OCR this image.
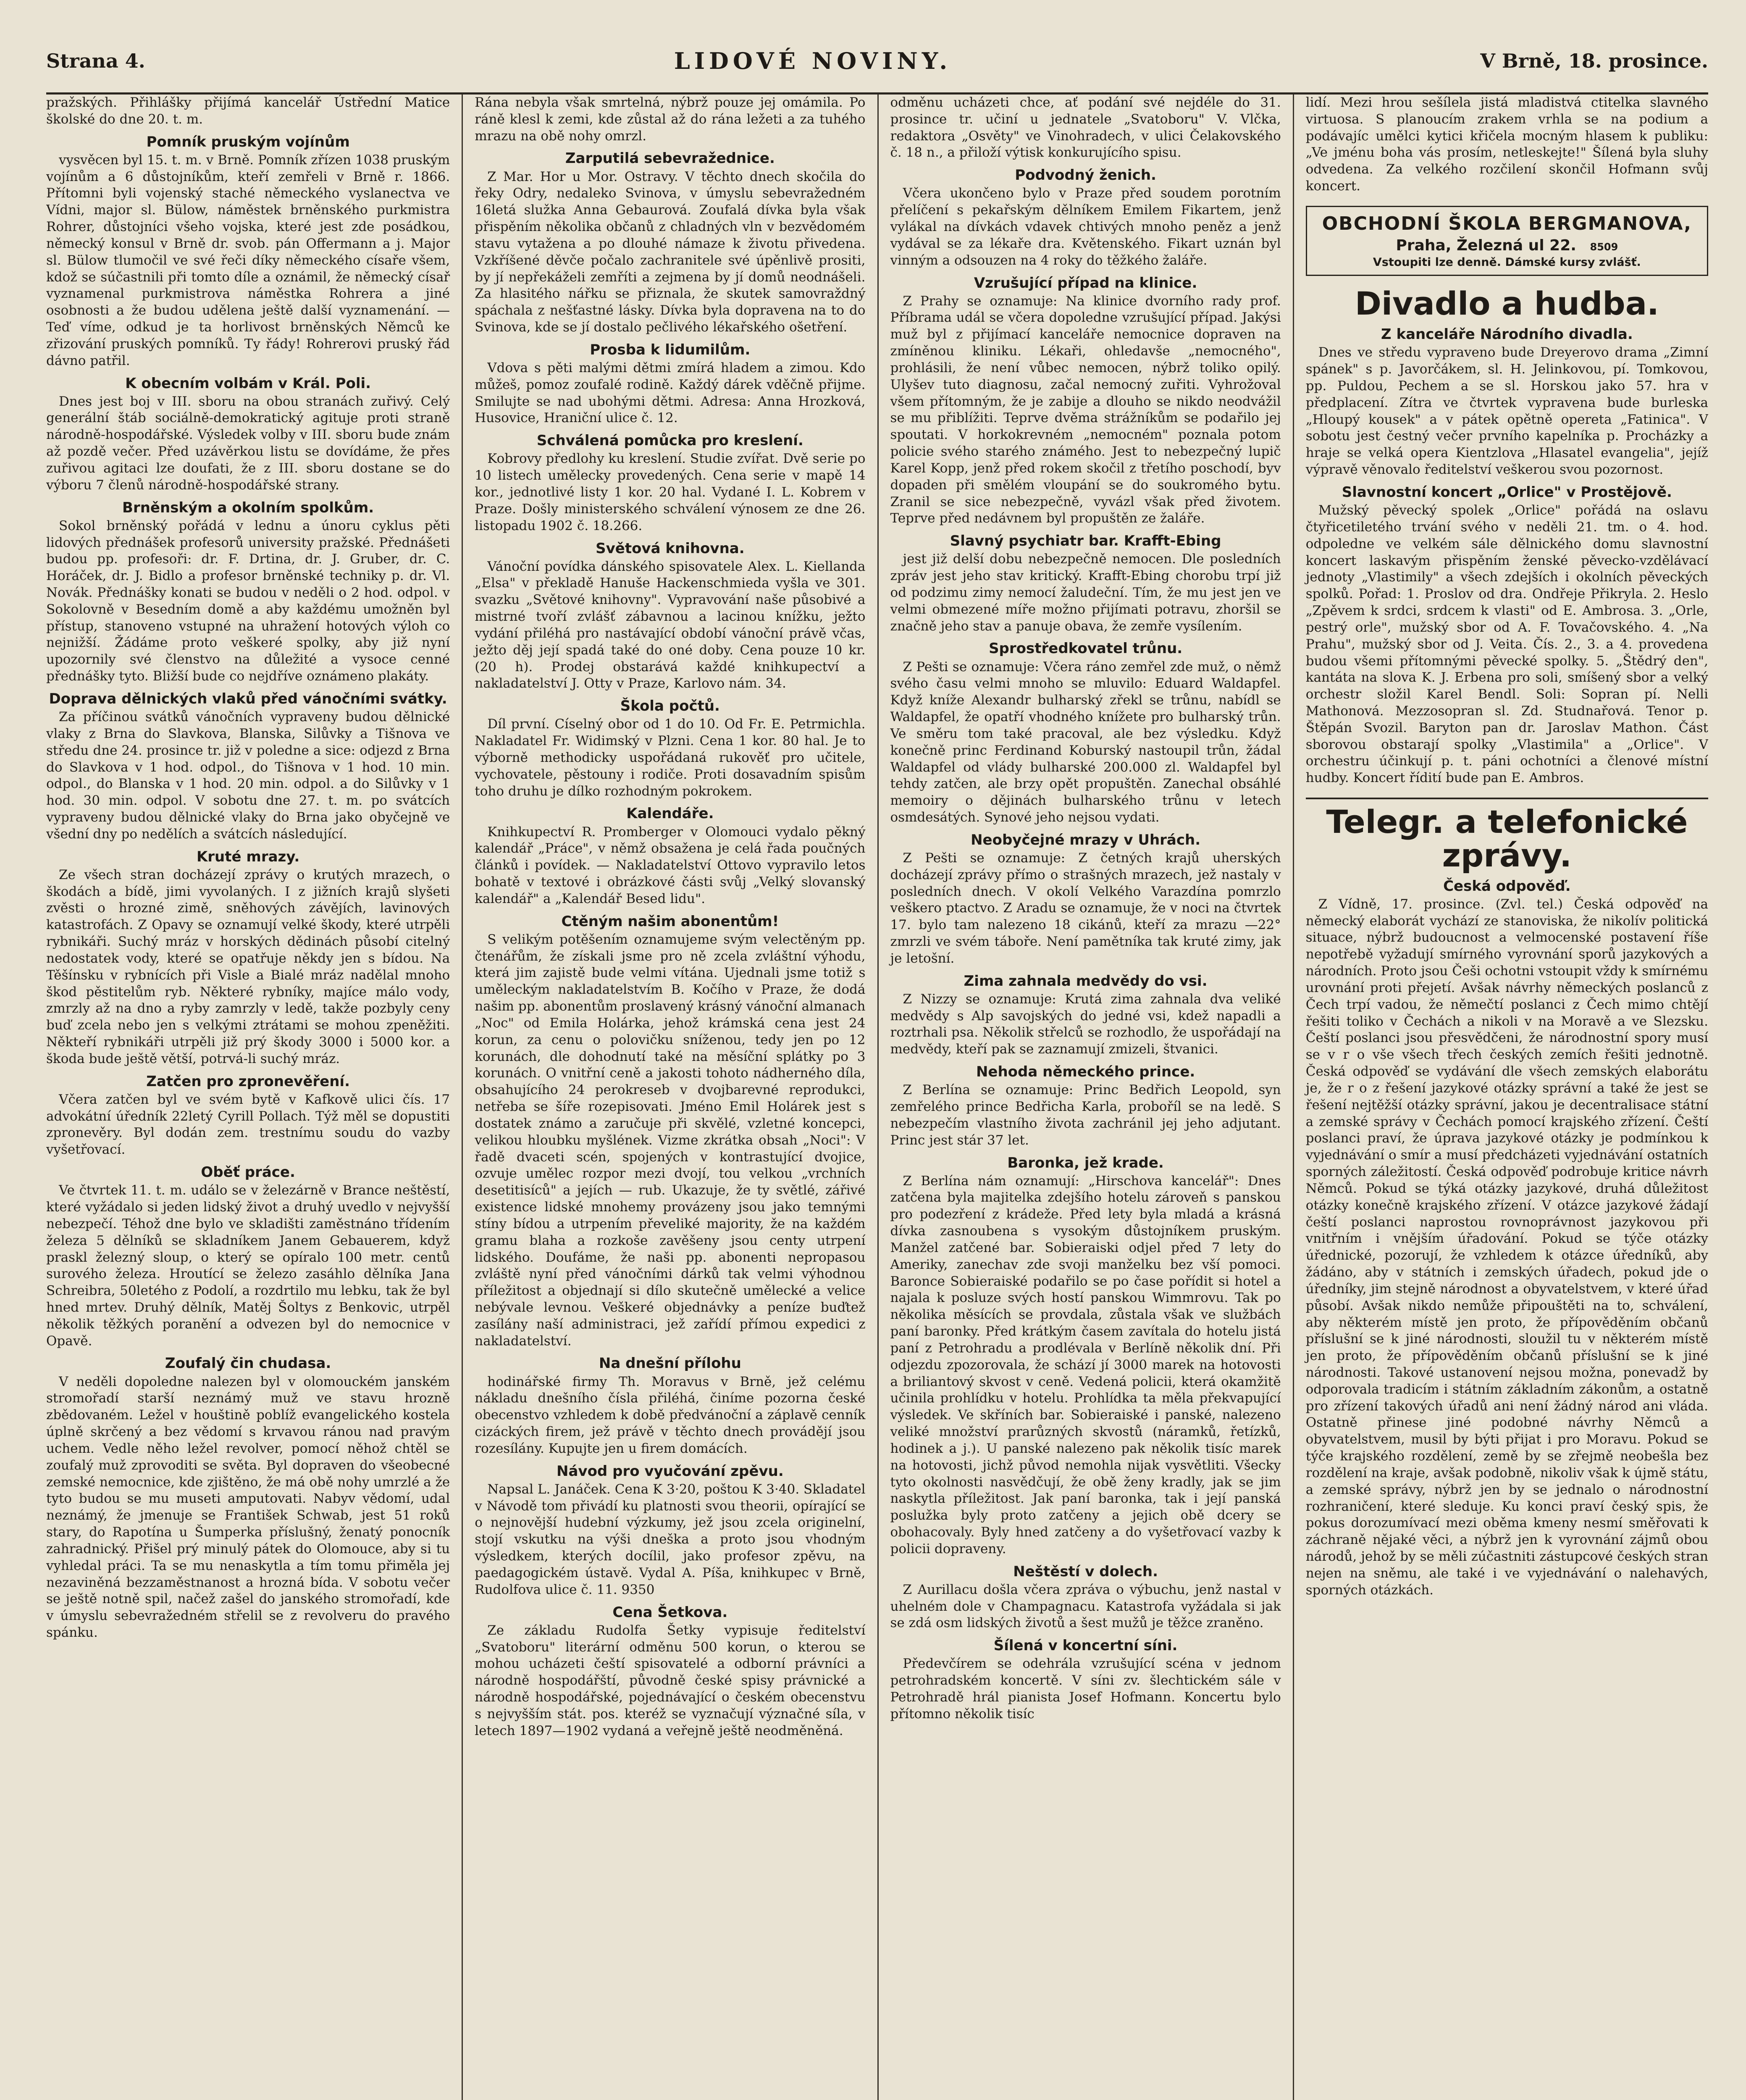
Strana 4.	LIDOVÉ NOVINY.	V Brně, 18. prosince.

pražských. Přihlášky přijímá kancelář Ústřední Matice školské do dne 20. t. m.

Pomník pruským vojínům

vysvěcen byl 15. t. m. v Brně. Pomník zřízen 1038 pruským vojínům a 6 důstojníkům, kteří zemřeli v Brně r. 1866. Přítomni byli vojenský staché německého vyslanectva ve Vídni, major sl. Bülow, náměstek brněnského purkmistra Rohrer, důstojníci všeho vojska, které jest zde posádkou, německý konsul v Brně dr. svob. pán Offermann a j. Major sl. Bülow tlumočil ve své řeči díky německého císaře všem, kdož se súčastnili při tomto díle a oznámil, že německý císař vyznamenal purkmistrova náměstka Rohrera a jiné osobnosti a že budou udělena ještě další vyznamenání. — Teď víme, odkud je ta horlivost brněnských Němců ke zřizování pruských pomníků. Ty řády! Rohrerovi pruský řád dávno patřil.

K obecním volbám v Král. Poli.

Dnes jest boj v III. sboru na obou stranách zuřivý. Celý generální štáb sociálně-demokratický agituje proti straně národně-hospodářské. Výsledek volby v III. sboru bude znám až pozdě večer. Před uzávěrkou listu se dovídáme, že přes zuřivou agitaci lze doufati, že z III. sboru dostane se do výboru 7 členů národně-hospodářské strany.

Brněnským a okolním spolkům.

Sokol brněnský pořádá v lednu a únoru cyklus pěti lidových přednášek profesorů university pražské. Přednášeti budou pp. profesoři: dr. F. Drtina, dr. J. Gruber, dr. C. Horáček, dr. J. Bidlo a profesor brněnské techniky p. dr. Vl. Novák. Přednášky konati se budou v neděli o 2 hod. odpol. v Sokolovně v Besedním domě a aby každému umožněn byl přístup, stanoveno vstupné na uhražení hotových výloh co nejnižší. Žádáme proto veškeré spolky, aby již nyní upozornily své členstvo na důležité a vysoce cenné přednášky tyto. Bližší bude co nejdříve oznámeno plakáty.

Doprava dělnických vlaků před vánočními svátky.

Za příčinou svátků vánočních vypraveny budou dělnické vlaky z Brna do Slavkova, Blanska, Silůvky a Tišnova ve středu dne 24. prosince tr. již v poledne a sice: odjezd z Brna do Slavkova v 1 hod. odpol., do Tišnova v 1 hod. 10 min. odpol., do Blanska v 1 hod. 20 min. odpol. a do Silůvky v 1 hod. 30 min. odpol. V sobotu dne 27. t. m. po svátcích vypraveny budou dělnické vlaky do Brna jako obyčejně ve všední dny po nedělích a svátcích následující.

Kruté mrazy.

Ze všech stran docházejí zprávy o krutých mrazech, o škodách a bídě, jimi vyvolaných. I z jižních krajů slyšeti zvěsti o hrozné zimě, sněhových závějích, lavinových katastrofách. Z Opavy se oznamují velké škody, které utrpěli rybnikáři. Suchý mráz v horských dědinách působí citelný nedostatek vody, které se opatřuje někdy jen s bídou. Na Těšínsku v rybnících při Visle a Bialé mráz nadělal mnoho škod pěstitelům ryb. Některé rybníky, majíce málo vody, zmrzly až na dno a ryby zamrzly v ledě, takže pozbyly ceny buď zcela nebo jen s velkými ztrátami se mohou zpeněžiti. Někteří rybnikáři utrpěli již prý škody 3000 i 5000 kor. a škoda bude ještě větší, potrvá-li suchý mráz.

Zatčen pro zpronevěření.

Včera zatčen byl ve svém bytě v Kafkově ulici čís. 17 advokátní úředník 22letý Cyrill Pollach. Týž měl se dopustiti zpronevěry. Byl dodán zem. trestnímu soudu do vazby vyšetřovací.

Oběť práce.

Ve čtvrtek 11. t. m. událo se v železárně v Brance neštěstí, které vyžádalo si jeden lidský život a druhý uvedlo v nejvyšší nebezpečí. Téhož dne bylo ve skladišti zaměstnáno třídením železa 5 dělníků se skladníkem Janem Gebauerem, když praskl železný sloup, o který se opíralo 100 metr. centů surového železa. Hroutící se železo zasáhlo dělníka Jana Schreibra, 50letého z Podolí, a rozdrtilo mu lebku, tak že byl hned mrtev. Druhý dělník, Matěj Šoltys z Benkovic, utrpěl několik těžkých poranění a odvezen byl do nemocnice v Opavě.

Zoufalý čin chudasa.

V neděli dopoledne nalezen byl v olomouckém janském stromořadí starší neznámý muž ve stavu hrozně zbědovaném. Ležel v houštině poblíž evangelického kostela úplně skrčený a bez vědomí s krvavou ránou nad pravým uchem. Vedle něho ležel revolver, pomocí něhož chtěl se zoufalý muž zprovoditi se světa. Byl dopraven do všeobecné zemské nemocnice, kde zjištěno, že má obě nohy umrzlé a že tyto budou se mu museti amputovati. Nabyv vědomí, udal neznámý, že jmenuje se František Schwab, jest 51 roků stary, do Rapotína u Šumperka příslušný, ženatý ponocník zahradnický. Přišel prý minulý pátek do Olomouce, aby si tu vyhledal práci. Ta se mu nenaskytla a tím tomu přiměla jej nezaviněná bezzaměstnanost a hrozná bída. V sobotu večer se ještě notně spil, načež zašel do janského stromořadí, kde v úmyslu sebevražedném střelil se z revolveru do pravého spánku.

Rána nebyla však smrtelná, nýbrž pouze jej omámila. Po ráně klesl k zemi, kde zůstal až do rána ležeti a za tuhého mrazu na obě nohy omrzl.

Zarputilá sebevražednice.

Z Mar. Hor u Mor. Ostravy. V těchto dnech skočila do řeky Odry, nedaleko Svinova, v úmyslu sebevražedném 16letá služka Anna Gebaurová. Zoufalá dívka byla však přispěním několika občanů z chladných vln v bezvědomém stavu vytažena a po dlouhé námaze k životu přivedena. Vzkříšené děvče počalo zachranitele své úpěnlivě prositi, by jí nepřekáželi zemříti a zejmena by jí domů neodnášeli. Za hlasitého nářku se přiznala, že skutek samovraždný spáchala z nešťastné lásky. Dívka byla dopravena na to do Svinova, kde se jí dostalo pečlivého lékařského ošetření.

Prosba k lidumilům.

Vdova s pěti malými dětmi zmírá hladem a zimou. Kdo můžeš, pomoz zoufalé rodině. Každý dárek vděčně přijme. Smilujte se nad ubohými dětmi. Adresa: Anna Hrozková, Husovice, Hraniční ulice č. 12.

Schválená pomůcka pro kreslení.

Kobrovy předlohy ku kreslení. Studie zvířat. Dvě serie po 10 listech umělecky provedených. Cena serie v mapě 14 kor., jednotlivé listy 1 kor. 20 hal. Vydané I. L. Kobrem v Praze. Došly ministerského schválení výnosem ze dne 26. listopadu 1902 č. 18.266.

Světová knihovna.

Vánoční povídka dánského spisovatele Alex. L. Kiellanda „Elsa" v překladě Hanuše Hackenschmieda vyšla ve 301. svazku „Světové knihovny". Vypravování naše působivé a mistrné tvoří zvlášť zábavnou a lacinou knížku, ježto vydání přiléhá pro nastávající období vánoční právě včas, ježto děj její spadá také do oné doby. Cena pouze 10 kr. (20 h). Prodej obstarává každé knihkupectví a nakladatelství J. Otty v Praze, Karlovo nám. 34.

Škola počtů.

Díl první. Císelný obor od 1 do 10. Od Fr. E. Petrmichla. Nakladatel Fr. Widimský v Plzni. Cena 1 kor. 80 hal. Je to výborně methodicky uspořádaná rukověť pro učitele, vychovatele, pěstouny i rodiče. Proti dosavadním spisům toho druhu je dílko rozhodným pokrokem.

Kalendáře.

Knihkupectví R. Promberger v Olomouci vydalo pěkný kalendář „Práce", v němž obsažena je celá řada poučných článků i povídek. — Nakladatelství Ottovo vypravilo letos bohatě v textové i obrázkové části svůj „Velký slovanský kalendář" a „Kalendář Besed lidu".

Ctěným našim abonentům!

S velikým potěšením oznamujeme svým velectěným pp. čtenářům, že získali jsme pro ně zcela zvláštní výhodu, která jim zajistě bude velmi vítána. Ujednali jsme totiž s uměleckým nakladatelstvím B. Kočího v Praze, že dodá našim pp. abonentům proslavený krásný vánoční almanach „Noc" od Emila Holárka, jehož krámská cena jest 24 korun, za cenu o polovičku sníženou, tedy jen po 12 korunách, dle dohodnutí také na měsíční splátky po 3 korunách. O vnitřní ceně a jakosti tohoto nádherného díla, obsahujícího 24 perokreseb v dvojbarevné reprodukci, netřeba se šíře rozepisovati. Jméno Emil Holárek jest s dostatek známo a zaručuje při skvělé, vzletné koncepci, velikou hloubku myšlének. Vizme zkrátka obsah „Noci": V řadě dvaceti scén, spojených v kontrastující dvojice, ozvuje umělec rozpor mezi dvojí, tou velkou „vrchních desetitisíců" a jejích — rub. Ukazuje, že ty světlé, zářivé existence lidské mnohemy provázeny jsou jako temnými stíny bídou a utrpením převeliké majority, že na každém gramu blaha a rozkoše zavěšeny jsou centy utrpení lidského. Doufáme, že naši pp. abonenti nepropasou zvláště nyní před vánočními dárků tak velmi výhodnou příležitost a objednají si dílo skutečně umělecké a velice nebývale levnou. Veškeré objednávky a peníze buďtež zasílány naší administraci, jež zařídí přímou expedici z nakladatelství.

Na dnešní přílohu

hodinářské firmy Th. Moravus v Brně, jež celému nákladu dnešního čísla přiléhá, činíme pozorna české obecenstvo vzhledem k době předvánoční a záplavě cenník cizáckých firem, jež právě v těchto dnech provádějí jsou rozesílány. Kupujte jen u firem domácích.

Návod pro vyučování zpěvu.

Napsal L. Janáček. Cena K 3·20, poštou K 3·40. Skladatel v Návodě tom přivádí ku platnosti svou theorii, opírající se o nejnovější hudební výzkumy, jež jsou zcela originelní, stojí vskutku na výši dneška a proto jsou vhodným výsledkem, kterých docílil, jako profesor zpěvu, na paedagogickém ústavě. Vydal A. Píša, knihkupec v Brně, Rudolfova ulice č. 11. 9350

Cena Šetkova.

Ze základu Rudolfa Šetky vypisuje ředitelství „Svatoboru" literární odměnu 500 korun, o kterou se mohou ucházeti čeští spisovatelé a odborní právníci a národně hospodářští, původně české spisy právnické a národně hospodářské, pojednávající o českém obecenstvu s nejvyšším stát. pos. kteréž se vyznačují význačné síla, v letech 1897—1902 vydaná a veřejně ještě neodměněná.

odměnu ucházeti chce, ať podání své nejdéle do 31. prosince tr. učiní u jednatele „Svatoboru" V. Vlčka, redaktora „Osvěty" ve Vinohradech, v ulici Čelakovského č. 18 n., a přiloží výtisk konkurujícího spisu.

Podvodný ženich.

Včera ukončeno bylo v Praze před soudem porotním přelíčení s pekařským dělníkem Emilem Fikartem, jenž vylákal na dívkách vdavek chtivých mnoho peněz a jenž vydával se za lékaře dra. Květenského. Fikart uznán byl vinným a odsouzen na 4 roky do těžkého žaláře.

Vzrušující případ na klinice.

Z Prahy se oznamuje: Na klinice dvorního rady prof. Příbrama udál se včera dopoledne vzrušující případ. Jakýsi muž byl z přijímací kanceláře nemocnice dopraven na zmíněnou kliniku. Lékaři, ohledavše „nemocného", prohlásili, že není vůbec nemocen, nýbrž toliko opilý. Ulyšev tuto diagnosu, začal nemocný zuřiti. Vyhrožoval všem přítomným, že je zabije a dlouho se nikdo neodvážil se mu přiblížiti. Teprve dvěma strážníkům se podařilo jej spoutati. V horkokrevném „nemocném" poznala potom policie svého starého známého. Jest to nebezpečný lupič Karel Kopp, jenž před rokem skočil z třetího poschodí, byv dopaden při smělém vloupání se do soukromého bytu. Zranil se sice nebezpečně, vyvázl však před životem. Teprve před nedávnem byl propuštěn ze žaláře.

Slavný psychiatr bar. Krafft-Ebing

jest již delší dobu nebezpečně nemocen. Dle posledních zpráv jest jeho stav kritický. Krafft-Ebing chorobu trpí již od podzimu zimy nemocí žaludeční. Tím, že mu jest jen ve velmi obmezené míře možno přijímati potravu, zhoršil se značně jeho stav a panuje obava, že zemře vysílením.

Sprostředkovatel trůnu.

Z Pešti se oznamuje: Včera ráno zemřel zde muž, o němž svého času velmi mnoho se mluvilo: Eduard Waldapfel. Když kníže Alexandr bulharský zřekl se trůnu, nabídl se Waldapfel, že opatří vhodného knížete pro bulharský trůn. Ve směru tom také pracoval, ale bez výsledku. Když konečně princ Ferdinand Koburský nastoupil trůn, žádal Waldapfel od vlády bulharské 200.000 zl. Waldapfel byl tehdy zatčen, ale brzy opět propuštěn. Zanechal obsáhlé memoiry o dějinách bulharského trůnu v letech osmdesátých. Synové jeho nejsou vydati.

Neobyčejné mrazy v Uhrách.

Z Pešti se oznamuje: Z četných krajů uherských docházejí zprávy přímo o strašných mrazech, jež nastaly v posledních dnech. V okolí Velkého Varazdína pomrzlo veškero ptactvo. Z Aradu se oznamuje, že v noci na čtvrtek 17. bylo tam nalezeno 18 cikánů, kteří za mrazu —22° zmrzli ve svém táboře. Není pamětníka tak kruté zimy, jak je letošní.

Zima zahnala medvědy do vsi.

Z Nizzy se oznamuje: Krutá zima zahnala dva veliké medvědy s Alp savojských do jedné vsi, kdež napadli a roztrhali psa. Několik střelců se rozhodlo, že uspořádají na medvědy, kteří pak se zaznamují zmizeli, štvanici.

Nehoda německého prince.

Z Berlína se oznamuje: Princ Bedřich Leopold, syn zemřelého prince Bedřicha Karla, proboříl se na ledě. S nebezpečím vlastního života zachránil jej jeho adjutant. Princ jest stár 37 let.

Baronka, jež krade.

Z Berlína nám oznamují: „Hirschova kancelář": Dnes zatčena byla majitelka zdejšího hotelu zároveň s panskou pro podezření z krádeže. Před lety byla mladá a krásná dívka zasnoubena s vysokým důstojníkem pruským. Manžel zatčené bar. Sobieraiski odjel před 7 lety do Ameriky, zanechav zde svoji manželku bez vší pomoci. Baronce Sobieraiské podařilo se po čase pořídit si hotel a najala k posluze svých hostí panskou Wimmrovu. Tak po několika měsících se provdala, zůstala však ve službách paní baronky. Před krátkým časem zavítala do hotelu jistá paní z Petrohradu a prodlévala v Berlíně několik dní. Při odjezdu zpozorovala, že schází jí 3000 marek na hotovosti a briliantový skvost v ceně. Vedená policii, která okamžitě učinila prohlídku v hotelu. Prohlídka ta měla překvapující výsledek. Ve skříních bar. Sobieraiské i panské, nalezeno veliké množství prarůzných skvostů (náramků, řetízků, hodinek a j.). U panské nalezeno pak několik tisíc marek na hotovosti, jichž původ nemohla nijak vysvětliti. Všecky tyto okolnosti nasvědčují, že obě ženy kradly, jak se jim naskytla příležitost. Jak paní baronka, tak i její panská poslužka byly proto zatčeny a jejich obě dcery se obohacovaly. Byly hned zatčeny a do vyšetřovací vazby k policii dopraveny.

Neštěstí v dolech.

Z Aurillacu došla včera zpráva o výbuchu, jenž nastal v uhelném dole v Champagnacu. Katastrofa vyžádala si jak se zdá osm lidských životů a šest mužů je těžce zraněno.

Šílená v koncertní síni.

Předevčírem se odehrála vzrušující scéna v jednom petrohradském koncertě. V síni zv. šlechtickém sále v Petrohradě hrál pianista Josef Hofmann. Koncertu bylo přítomno několik tisíc

lidí. Mezi hrou sešílela jistá mladistvá ctitelka slavného virtuosa. S planoucím zrakem vrhla se na podium a podávajíc umělci kytici křičela mocným hlasem k publiku: „Ve jménu boha vás prosím, netleskejte!" Šílená byla sluhy odvedena. Za velkého rozčilení skončil Hofmann svůj koncert.

OBCHODNÍ ŠKOLA BERGMANOVA,
Praha, Železná ul 22. 8509
Vstoupiti lze denně. Dámské kursy zvlášť.
Divadlo a hudba.
Z kanceláře Národního divadla.

Dnes ve středu vypraveno bude Dreyerovo drama „Zimní spánek" s p. Javorčákem, sl. H. Jelinkovou, pí. Tomkovou, pp. Puldou, Pechem a se sl. Horskou jako 57. hra v předplacení. Zítra ve čtvrtek vypravena bude burleska „Hloupý kousek" a v pátek opětně opereta „Fatinica". V sobotu jest čestný večer prvního kapelníka p. Procházky a hraje se velká opera Kientzlova „Hlasatel evangelia", jejíž výpravě věnovalo ředitelství veškerou svou pozornost.

Slavnostní koncert „Orlice" v Prostějově.

Mužský pěvecký spolek „Orlice" pořádá na oslavu čtyřicetiletého trvání svého v neděli 21. tm. o 4. hod. odpoledne ve velkém sále dělnického domu slavnostní koncert laskavým přispěním ženské pěvecko-vzdělávací jednoty „Vlastimily" a všech zdejších i okolních pěveckých spolků. Pořad: 1. Proslov od dra. Ondřeje Přikryla. 2. Heslo „Zpěvem k srdci, srdcem k vlasti" od E. Ambrosa. 3. „Orle, pestrý orle", mužský sbor od A. F. Tovačovského. 4. „Na Prahu", mužský sbor od J. Veita. Čís. 2., 3. a 4. provedena budou všemi přítomnými pěvecké spolky. 5. „Štědrý den", kantáta na slova K. J. Erbena pro soli, smíšený sbor a velký orchestr složil Karel Bendl. Soli: Sopran pí. Nelli Mathonová. Mezzosopran sl. Zd. Studnařová. Tenor p. Štěpán Svozil. Baryton pan dr. Jaroslav Mathon. Část sborovou obstarají spolky „Vlastimila" a „Orlice". V orchestru účinkují p. t. páni ochotníci a členové místní hudby. Koncert řídití bude pan E. Ambros.

Telegr. a telefonické zprávy.
Česká odpověď.

Z Vídně, 17. prosince. (Zvl. tel.) Česká odpověď na německý elaborát vychází ze stanoviska, že nikolív politická situace, nýbrž budoucnost a velmocenské postavení říše nepotřebě vyžadují smírného vyrovnání sporů jazykových a národních. Proto jsou Češi ochotni vstoupit vždy k smírnému urovnání proti přejetí. Avšak návrhy německých poslanců z Čech trpí vadou, že němečtí poslanci z Čech mimo chtějí řešiti toliko v Čechách a nikoli v na Moravě a ve Slezsku. Čeští poslanci jsou přesvědčeni, že národnostní spory musí se v r o vše všech třech českých zemích řešiti jednotně. Česká odpověď se vydávání dle všech zemských elaborátu je, že r o z řešení jazykové otázky správní a také že jest se řešení nejtěžší otázky správní, jakou je decentralisace státní a zemské správy v Čechách pomocí krajského zřízení. Čeští poslanci praví, že úprava jazykové otázky je podmínkou k vyjednávání o smír a musí předcházeti vyjednávání ostatních sporných záležitostí. Česká odpověď podrobuje kritice návrh Němců. Pokud se týká otázky jazykové, druhá důležitost otázky konečně krajského zřízení. V otázce jazykové žádají čeští poslanci naprostou rovnoprávnost jazykovou při vnitřním i vnějším úřadování. Pokud se týče otázky úřednické, pozorují, že vzhledem k otázce úředníků, aby žádáno, aby v státních i zemských úřadech, pokud jde o úředníky, jim stejně národnost a obyvatelstvem, v které úřad působí. Avšak nikdo nemůže připouštěti na to, schválení, aby některém místě jen proto, že přípověděním občanů příslušní se k jiné národnosti, sloužil tu v některém místě jen proto, že přípověděním občanů příslušní se k jiné národnosti. Takové ustanovení nejsou možna, ponevadž by odporovala tradicím i státním základním zákonům, a ostatně pro zřízení takových úřadů ani není žádný národ ani vláda. Ostatně přinese jiné podobné návrhy Němců a obyvatelstvem, musil by býti přijat i pro Moravu. Pokud se týče krajského rozdělení, země by se zřejmě neobešla bez rozdělení na kraje, avšak podobně, nikoliv však k újmě státu, a zemské správy, nýbrž jen by se jednalo o národnostní rozhraničení, které sleduje. Ku konci praví český spis, že pokus dorozumívací mezi oběma kmeny nesmí směřovati k záchraně nějaké věci, a nýbrž jen k vyrovnání zájmů obou národů, jehož by se měli zúčastniti zástupcové českých stran nejen na sněmu, ale také i ve vyjednávání o nalehavých, sporných otázkách.
